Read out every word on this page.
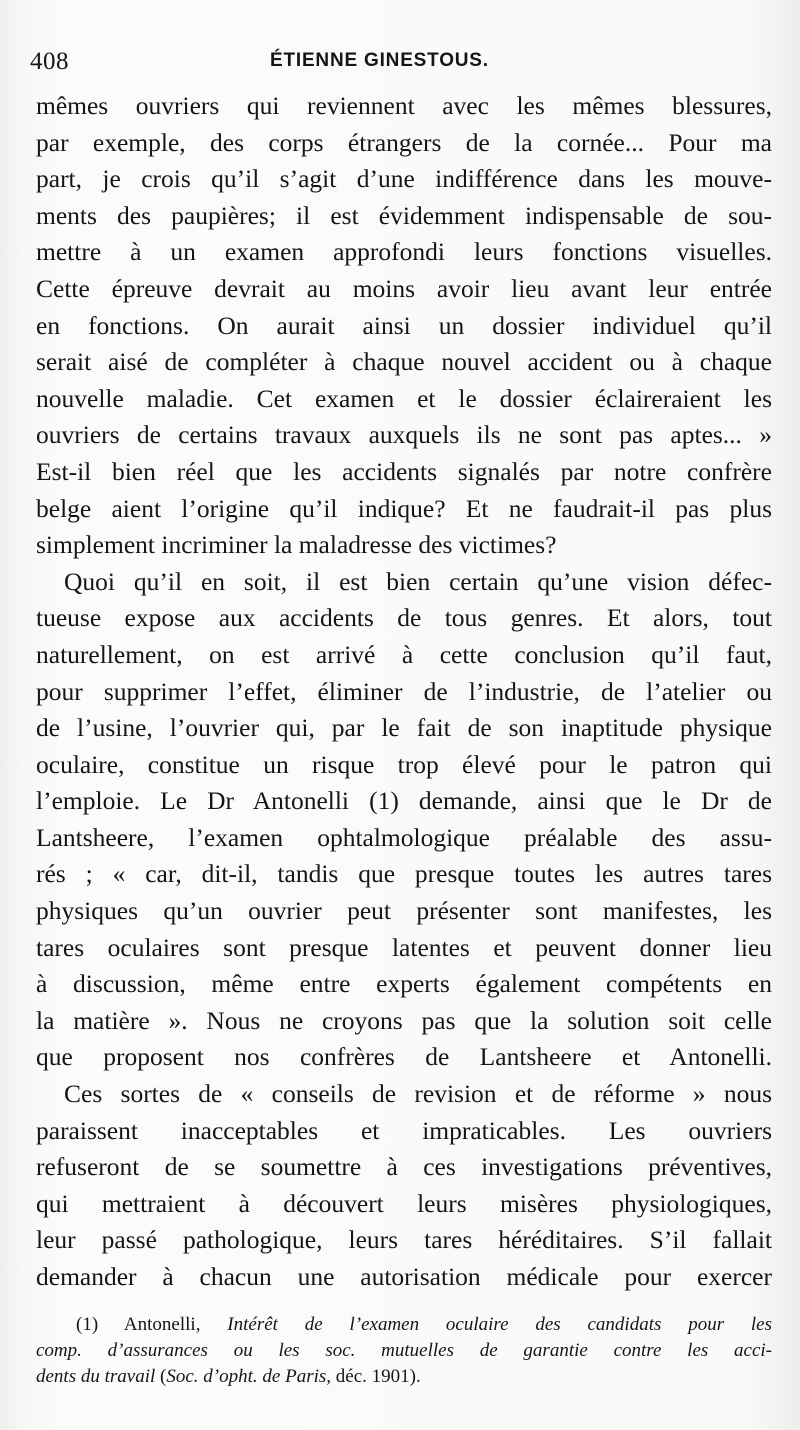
408	ÉTIENNE GINESTOUS.
mêmes ouvriers qui reviennent avec les mêmes blessures,
par exemple, des corps étrangers de la cornée... Pour ma
part, je crois qu’il s’agit d’une indifférence dans les mouve-
ments des paupières; il est évidemment indispensable de sou-
mettre à un examen approfondi leurs fonctions visuelles.
Cette épreuve devrait au moins avoir lieu avant leur entrée
en fonctions. On aurait ainsi un dossier individuel qu’il
serait aisé de compléter à chaque nouvel accident ou à chaque
nouvelle maladie. Cet examen et le dossier éclaireraient les
ouvriers de certains travaux auxquels ils ne sont pas aptes... »
Est-il bien réel que les accidents signalés par notre confrère
belge aient l’origine qu’il indique? Et ne faudrait-il pas plus
simplement incriminer la maladresse des victimes?
Quoi qu’il en soit, il est bien certain qu’une vision défec-
tueuse expose aux accidents de tous genres. Et alors, tout
naturellement, on est arrivé à cette conclusion qu’il faut,
pour supprimer l’effet, éliminer de l’industrie, de l’atelier ou
de l’usine, l’ouvrier qui, par le fait de son inaptitude physique
oculaire, constitue un risque trop élevé pour le patron qui
l’emploie. Le Dr Antonelli (1) demande, ainsi que le Dr de
Lantsheere, l’examen ophtalmologique préalable des assu-
rés ; « car, dit-il, tandis que presque toutes les autres tares
physiques qu’un ouvrier peut présenter sont manifestes, les
tares oculaires sont presque latentes et peuvent donner lieu
à discussion, même entre experts également compétents en
la matière ». Nous ne croyons pas que la solution soit celle
que proposent nos confrères de Lantsheere et Antonelli.
Ces sortes de « conseils de revision et de réforme » nous
paraissent inacceptables et impraticables. Les ouvriers
refuseront de se soumettre à ces investigations préventives,
qui mettraient à découvert leurs misères physiologiques,
leur passé pathologique, leurs tares héréditaires. S’il fallait
demander à chacun une autorisation médicale pour exercer
(1) Antonelli, Intérêt de l’examen oculaire des candidats pour les
comp. d’assurances ou les soc. mutuelles de garantie contre les acci-
dents du travail (Soc. d’opht. de Paris, déc. 1901).
